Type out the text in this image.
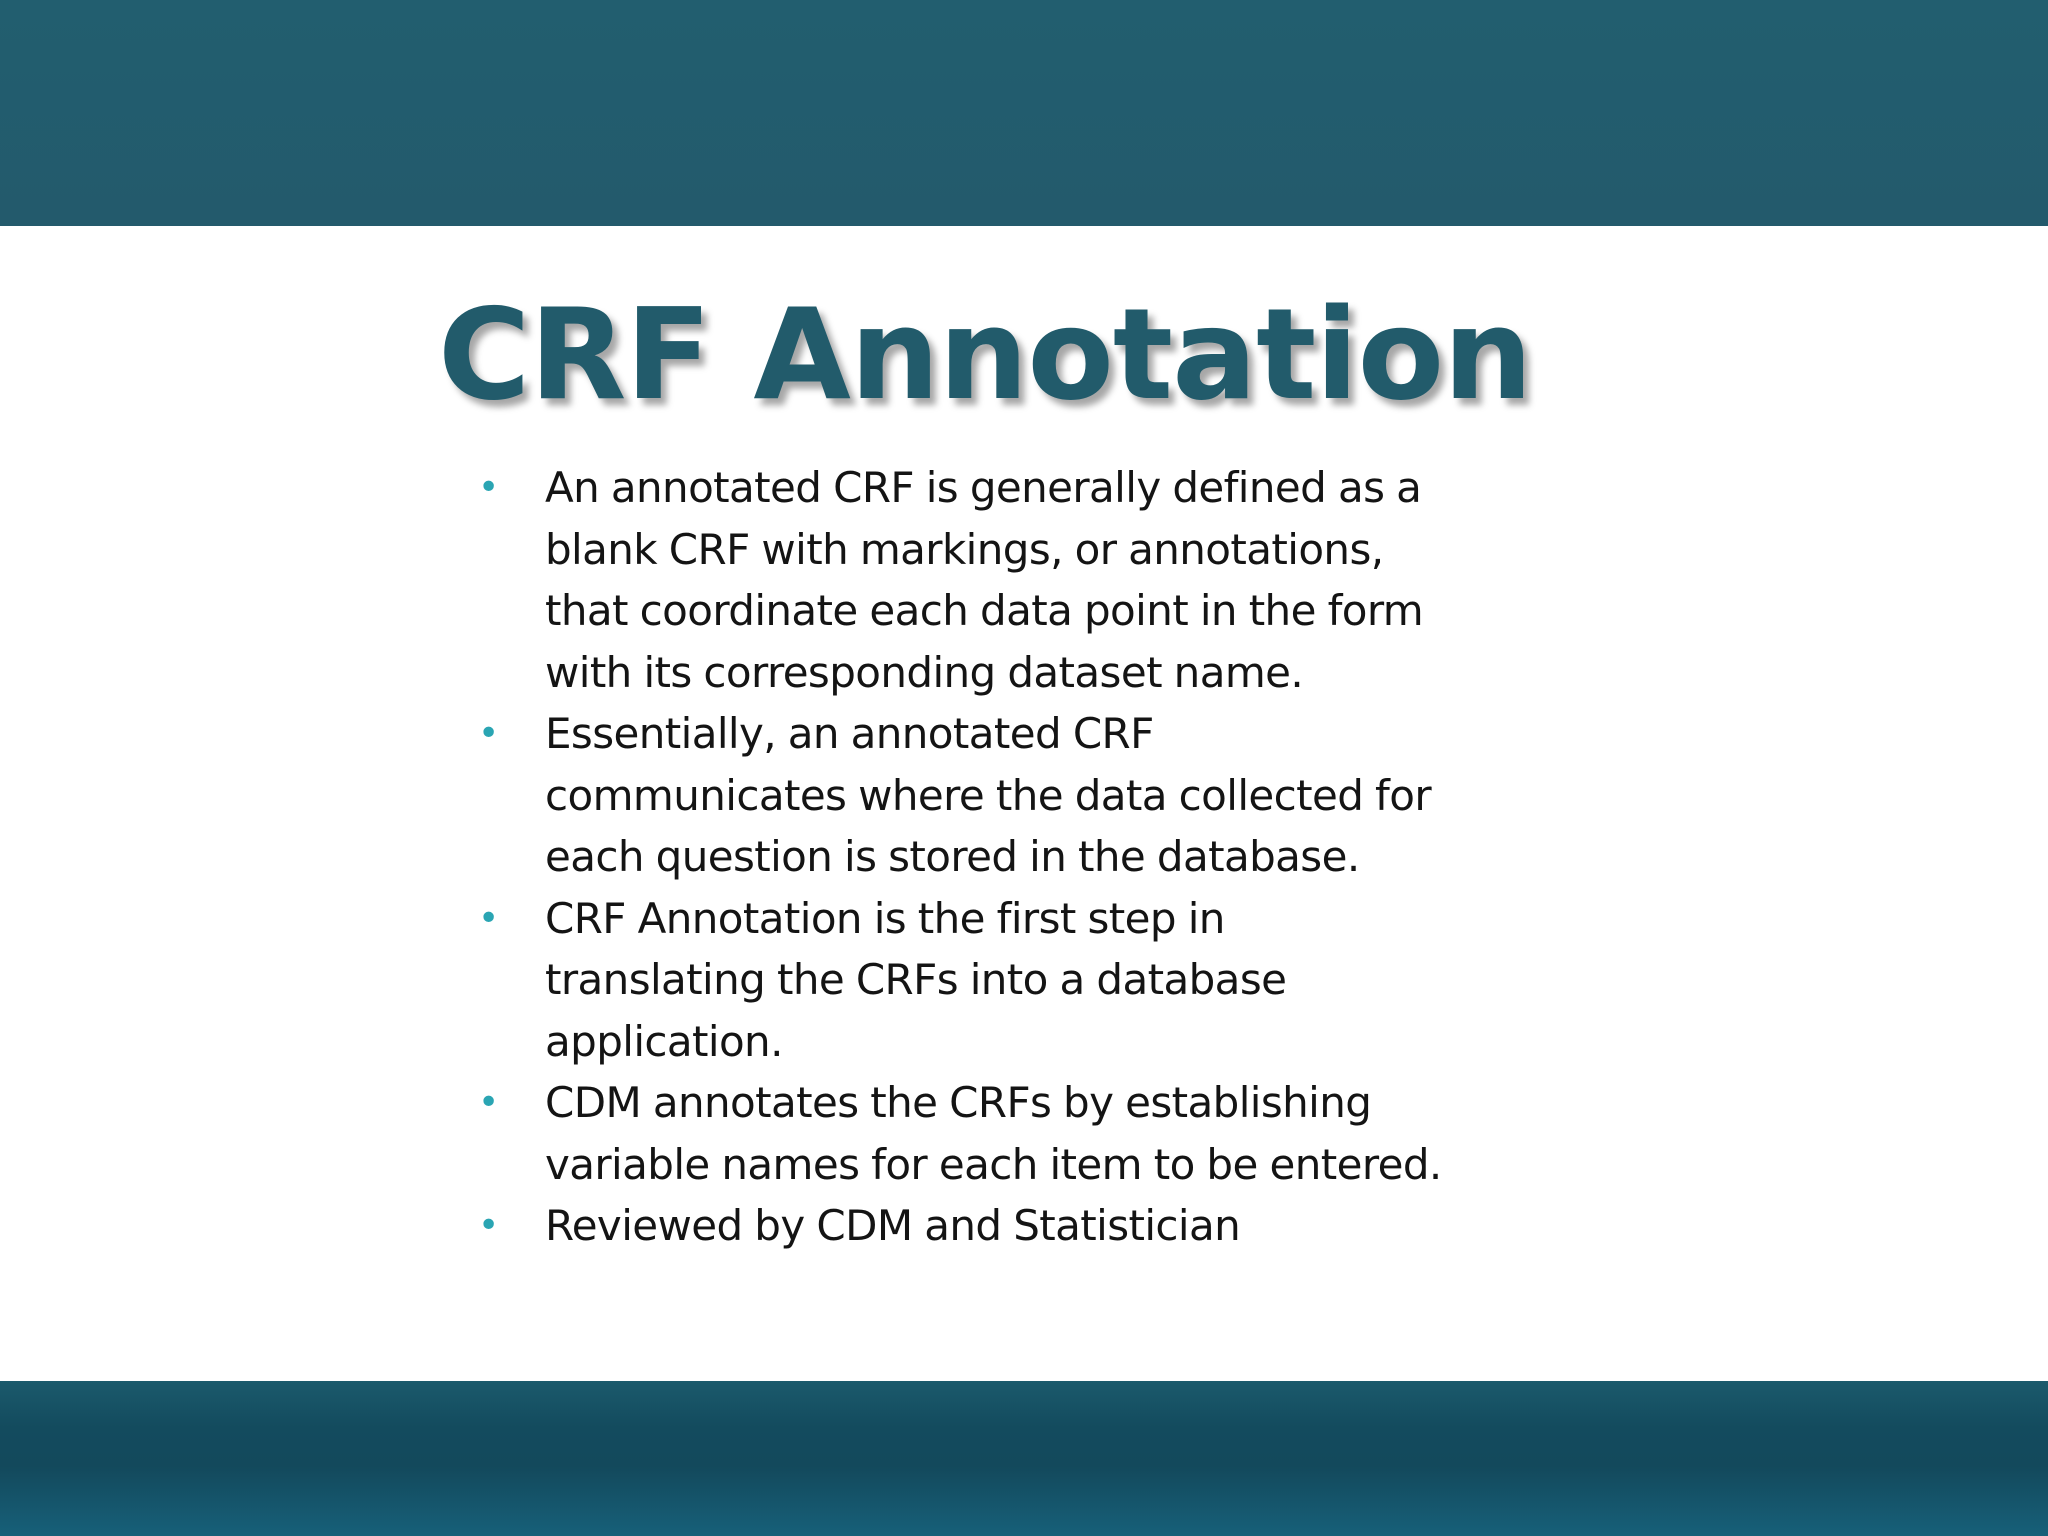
CRF Annotation
• An annotated CRF is generally defined as a
blank CRF with markings, or annotations,
that coordinate each data point in the form
with its corresponding dataset name.
• Essentially, an annotated CRF
communicates where the data collected for
each question is stored in the database.
• CRF Annotation is the first step in
translating the CRFs into a database
application.
• CDM annotates the CRFs by establishing
variable names for each item to be entered.
• Reviewed by CDM and Statistician
